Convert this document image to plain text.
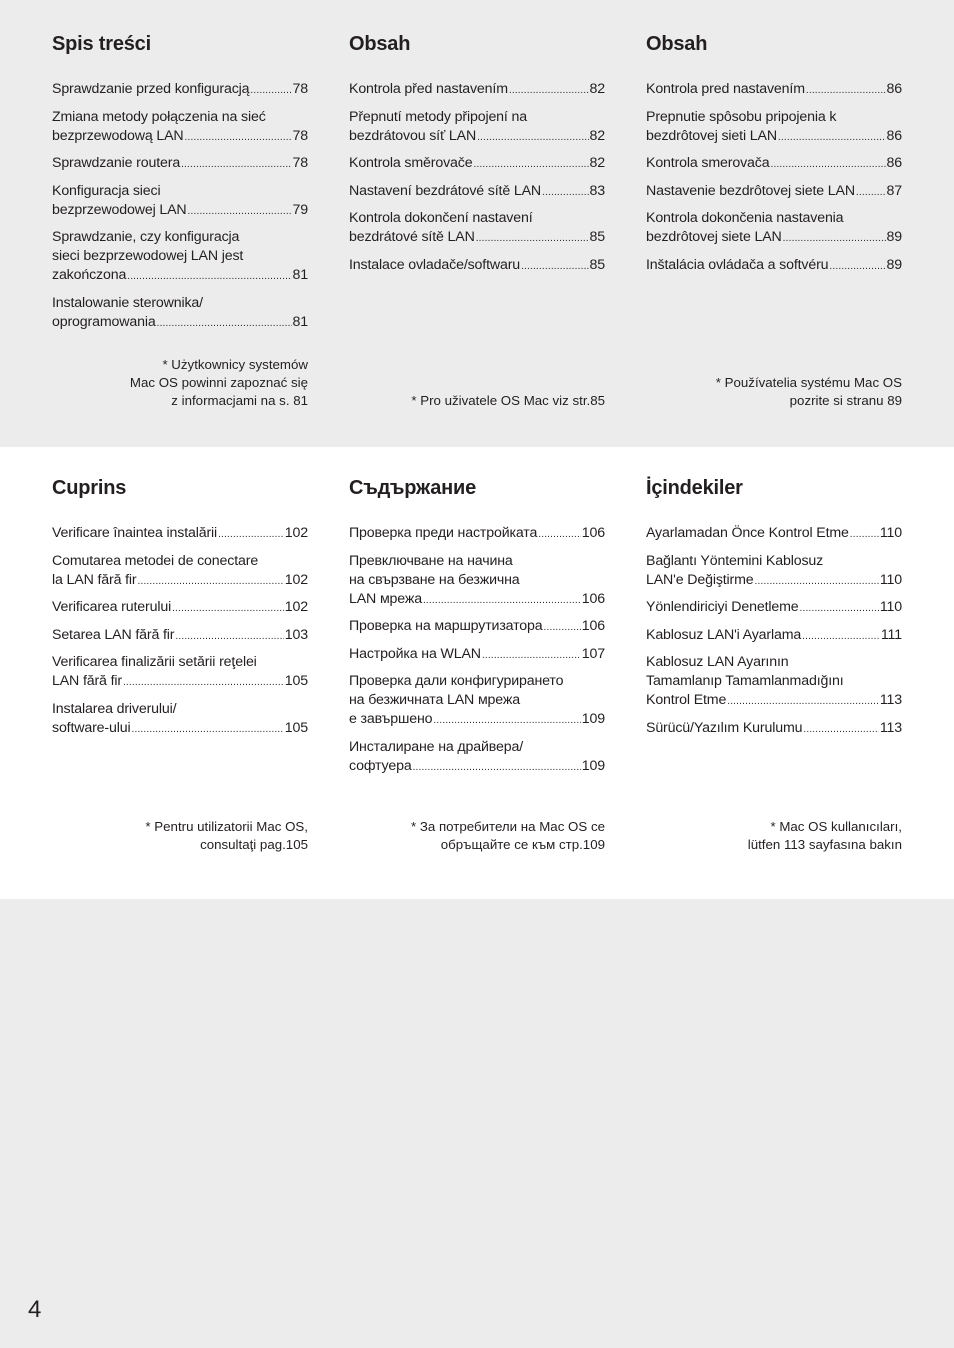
Spis treści
Sprawdzanie przed konfiguracją .....	78
Zmiana metody połączenia na sieć
bezprzewodową LAN .....	78
Sprawdzanie routera .....	78
Konfiguracja sieci
bezprzewodowej LAN .....	79
Sprawdzanie, czy konfiguracja
sieci bezprzewodowej LAN jest
zakończona .....	81
Instalowanie sterownika/
oprogramowania .....	81
* Użytkownicy systemów
Mac OS powinni zapoznać się
z informacjami na s. 81
Obsah
Kontrola před nastavením .....	82
Přepnutí metody připojení na
bezdrátovou síť LAN .....	82
Kontrola směrovače .....	82
Nastavení bezdrátové sítě LAN .....	83
Kontrola dokončení nastavení
bezdrátové sítě LAN .....	85
Instalace ovladače/softwaru .....	85
* Pro uživatele OS Mac viz str.85
Obsah
Kontrola pred nastavením .....	86
Prepnutie spôsobu pripojenia k
bezdrôtovej sieti LAN .....	86
Kontrola smerovača .....	86
Nastavenie bezdrôtovej siete LAN ..... 87
Kontrola dokončenia nastavenia
bezdrôtovej siete LAN .....	89
Inštalácia ovládača a softvéru .....	89
* Používatelia systému Mac OS
pozrite si stranu 89
Cuprins
Verificare înaintea instalării .....	102
Comutarea metodei de conectare
la LAN fără fir .....	102
Verificarea ruterului .....	102
Setarea LAN fără fir .....	103
Verificarea finalizării setării reţelei
LAN fără fir .....	105
Instalarea driverului/
software-ului .....	105
* Pentru utilizatorii Mac OS,
consultaţi pag.105
Съдържание
Проверка преди настройката .....	106
Превключване на начина
на свързване на безжична
LAN мрежа .....	106
Проверка на маршрутизатора .....	106
Настройка на WLAN .....	107
Проверка дали конфигурирането
на безжичната LAN мрежа
е завършено .....	109
Инсталиране на драйвера/
софтуера .....	109
* За потребители на Mac OS се
обръщайте се към стр.109
İçindekiler
Ayarlamadan Önce Kontrol Etme ..... 110
Bağlantı Yöntemini Kablosuz
LAN'e Değiştirme .....	110
Yönlendiriciyi Denetleme .....	110
Kablosuz LAN'i Ayarlama .....	111
Kablosuz LAN Ayarının
Tamamlanıp Tamamlanmadığını
Kontrol Etme .....	113
Sürücü/Yazılım Kurulumu .....	113
* Mac OS kullanıcıları,
lütfen 113 sayfasına bakın
4
